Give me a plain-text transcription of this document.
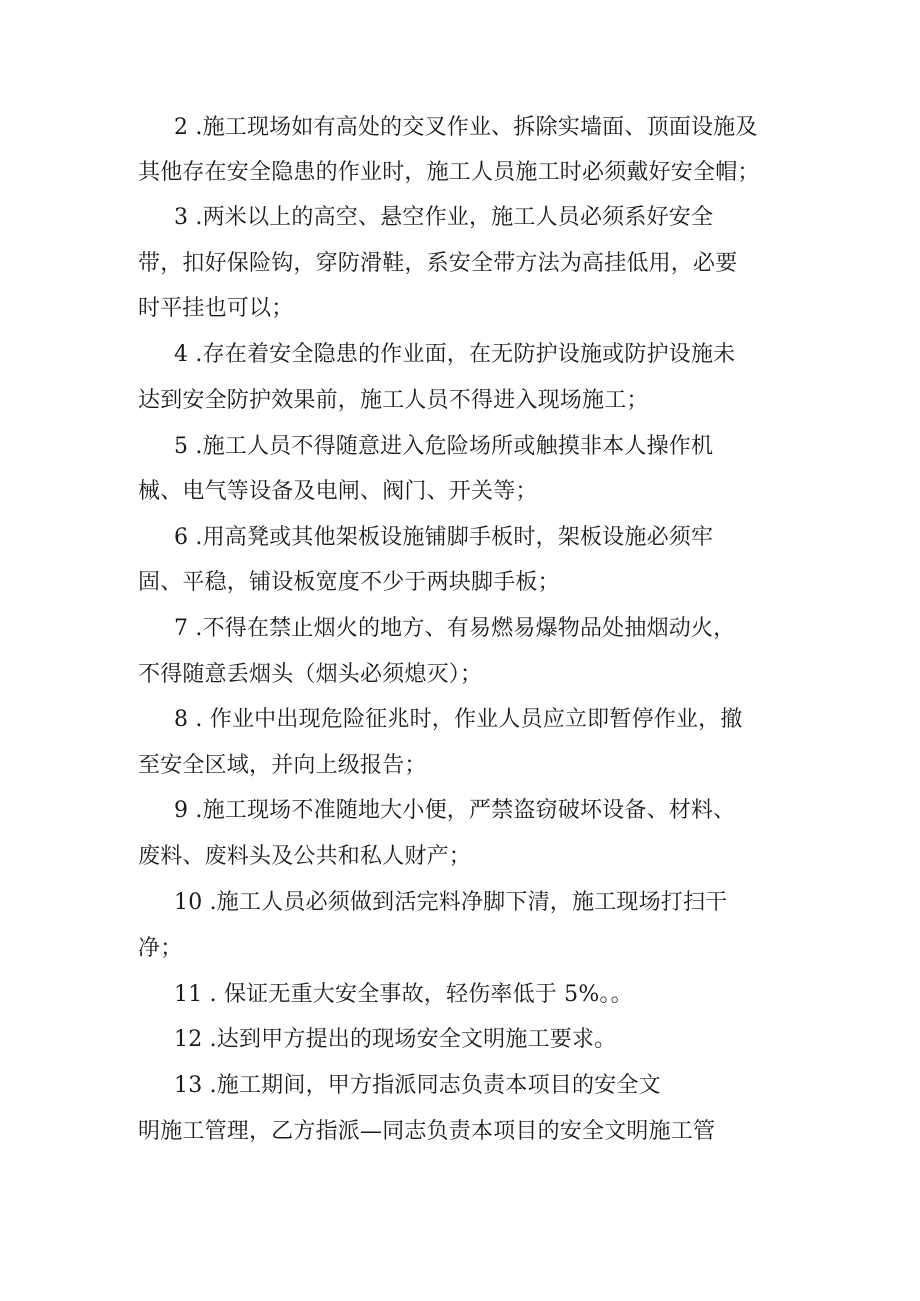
2 .施工现场如有高处的交叉作业、拆除实墙面、顶面设施及

其他存在安全隐患的作业时，施工人员施工时必须戴好安全帽；

3 .两米以上的高空、悬空作业，施工人员必须系好安全

带，扣好保险钩，穿防滑鞋，系安全带方法为高挂低用，必要

时平挂也可以；

4 .存在着安全隐患的作业面，在无防护设施或防护设施未

达到安全防护效果前，施工人员不得进入现场施工；

5 .施工人员不得随意进入危险场所或触摸非本人操作机

械、电气等设备及电闸、阀门、开关等；

6 .用高凳或其他架板设施铺脚手板时，架板设施必须牢

固、平稳，铺设板宽度不少于两块脚手板；

7 .不得在禁止烟火的地方、有易燃易爆物品处抽烟动火，

不得随意丢烟头（烟头必须熄灭）；

8 . 作业中出现危险征兆时，作业人员应立即暂停作业，撤

至安全区域，并向上级报告；

9 .施工现场不准随地大小便，严禁盗窃破坏设备、材料、

废料、废料头及公共和私人财产；

10 .施工人员必须做到活完料净脚下清，施工现场打扫干

净；

11 . 保证无重大安全事故，轻伤率低于 5%。。

12 .达到甲方提出的现场安全文明施工要求。

13 .施工期间，甲方指派同志负责本项目的安全文

明施工管理，乙方指派—同志负责本项目的安全文明施工管
